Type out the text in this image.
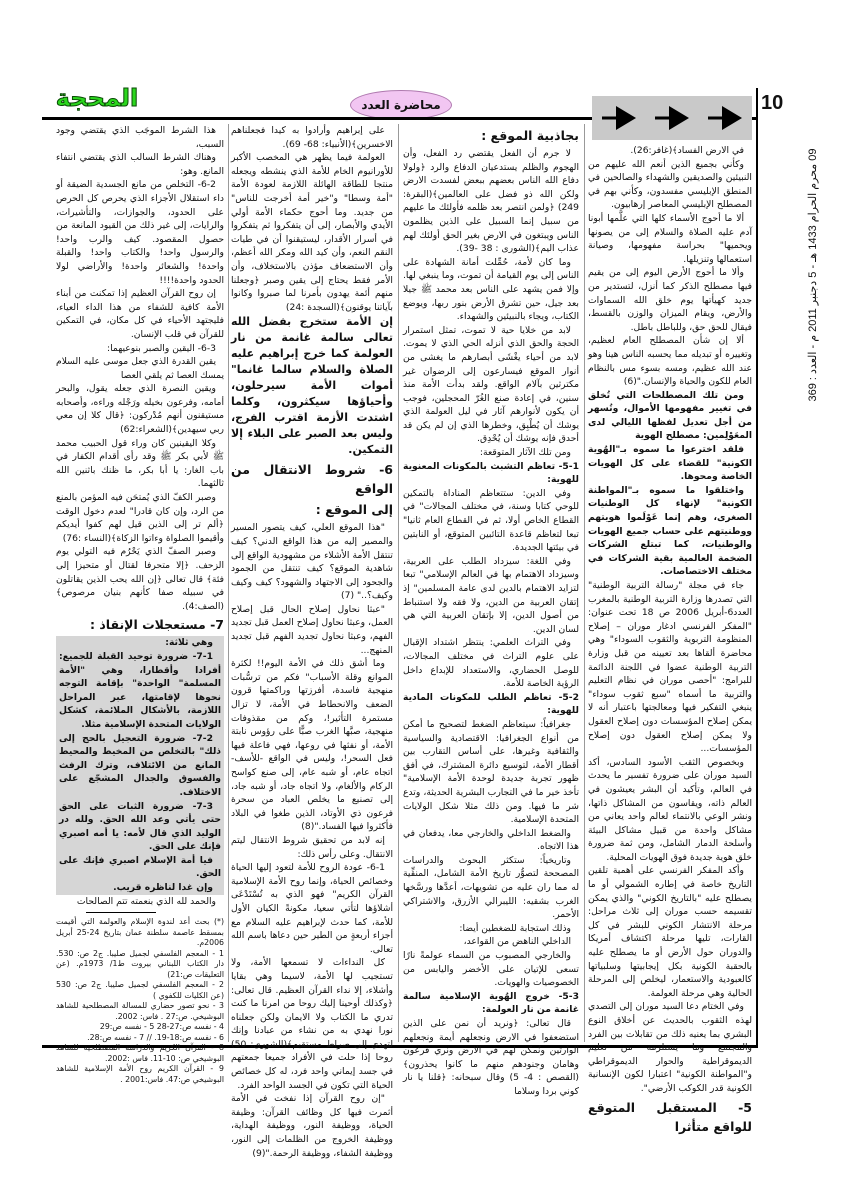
المحجة	محاضرة العدد	10
09 محرم الحرام 1433 هـ - 5 دجنبر 2011 م - العدد : 369

في الارض الفساد﴾(غافر:26).

وكأني بجميع الذين أنعم الله عليهم من النبيئين والصديقين والشهداء والصالحين في المنطق الإبليسي مفسدون، وكأني بهم في المصطلح الإبليسي المعاصر إرهابيون.

ألا ما أحوج الأسماء كلها التي علَّمها أبونا آدم عليه الصلاة والسلام إلى من يصونها ويحميها" بحراسة مفهومها، وصيانة استعمالها وتنزيلها.

وألا ما أحوج الأرض اليوم إلى من يقيم فيها مصطلح الذكر كما أنزل، لتستدير من جديد كهيأتها يوم خلق الله السماوات والأرض، ويقام الميزان والوزن بالقسط، فيقال للحق حق، وللباطل باطل.

ألا إن شأن المصطلح العام لعظيم، وتغييره أو تبديله مما يحسبه الناس هينا وهو عند الله عظيم، ومسه بسوء مس بالنظام العام للكون والحياة والإنسان."(6)

ومن تلك المصطلحات التي تُخلق في تغيير مفهومها الأموال، وتُسهر من أجل تعديل لفظها الليالي لدى المعَوْلِمين: مصطلح الهوية

فلقد اخترعوا ما سموه بـ"الهُوية الكونية" للقضاء على كل الهويات الخاصة ومحوها.

واختلقوا ما سموه بـ"المواطنة الكونية" لإنهاء كل الوطنيات الصغرى، وهم إنما عَوْلَموا هويتهم ووطنيتهم على حساب جميع الهويات والوطنيات، كما تبتلع الشركات الضخمة العالمية بقية الشركات في مختلف الاختصاصات.

جاء في مجلة "رسالة التربية الوطنية" التي تصدرها وزارة التربية الوطنية بالمغرب العدد6-أبريل 2006 ص 18 تحت عنوان: "المفكر الفرنسي ادغار موران – إصلاح المنظومة التربوية والثقوب السوداء" وهي محاضرة ألقاها بعد تعيينه من قبل وزارة التربية الوطنية عضوا في اللجنة الدائمة للبرامج: "أحصى موران في نظام التعليم والتربية ما أسماه "سبع ثقوب سوداء" ينبغي التفكير فيها ومعالجتها باعتبار أنه لا يمكن إصلاح المؤسسات دون إصلاح العقول ولا يمكن إصلاح العقول دون إصلاح المؤسسات...

وبخصوص الثقب الأسود السادس، أكد السيد موران على ضرورة تفسير ما يحدث في العالم، وتأكيد أن البشر يعيشون في العالم ذاته، ويقاسون من المشاكل ذاتها، ونشر الوعي بالانتماء لعالم واحد يعاني من مشاكل واحدة من قبيل مشاكل البيئة وأسلحة الدمار الشامل، ومن ثمة ضرورة خلق هوية جديدة فوق الهويات المحلية.

وأكد المفكر الفرنسي على أهمية تلقين التاريخ خاصة في إطاره الشمولي أو ما يصطلح عليه "بالتاريخ الكوني" والذي يمكن تقسيمه حسب موران إلى ثلاث مراحل: مرحلة الانتشار الكوني للبشر في كل القارات، تليها مرحلة اكتشاف أمريكا والدوران حول الأرض أو ما يصطلح عليه بالحقبة الكونية بكل إيجابيتها وسلبياتها كالعبودية والاستعمار، ليخلص إلى المرحلة الحالية وهي مرحلة العولمة.

وفي الختام دعا السيد موران إلى التصدي لهذه الثقوب بالحديث عن أخلاق النوع البشري بما يعنيه ذلك من تقابلات بين الفرد والمجتمع وما يستلزمه من تعليم الديموقراطية والحوار الديموقراطي و"المواطنة الكونية" اعتبارا لكون الإنسانية الكونية قدر الكوكب الأرضي".

5- المستقبل المتوقع للواقع متأثرا

بجاذبية الموقع :

لا جرم أن الفعل يقتضي رد الفعل، وأن الهجوم والظلم يستدعيان الدفاع والرد ﴿ولولا دفاع الله الناس بعضهم ببعض لفسدت الارض ولكن الله ذو فضل على العالمين﴾(البقرة: 249) ﴿ولمن انتصر بعد ظلمه فأولئك ما عليهم من سبيل إنما السبيل على الذين يظلمون الناس ويبتغون في الارض بغير الحق أولئك لهم عذاب اليم﴾(الشورى : 38 -39).

وما كان لأمة، حُمِّلت أمانة الشهادة على الناس إلى يوم القيامة أن تموت، وما ينبغي لها. وإلا فمن يشهد على الناس بعد محمد ﷺ جيلا بعد جيل، حين تشرق الأرض بنور ربها، ويوضع الكتاب، ويجاء بالنبيئين والشهداء.

لابد من خلايا حية لا تموت، تمثل استمرار الحجة والحق الذي أنزله الحي الذي لا يموت. لابد من أحياء يغْشَى أبصارهم ما يغشى من أنوار الموقع فيسارعون إلى الرضوان غير مكترثين بآلام الواقع. ولقد بدأت الأمة منذ سنين، في إعادة صنع الغُرّ المحجلين، فوجب أن يكون لأنوارهم آثار في ليل العولمة الذي يوشك أن يُطْبِق، وخطرها الذي إن لم يكن قد أحدق فإنه يوشك أن يُحْدِق.

ومن تلك الآثار المتوقعة:

5-1- تعاظم التشبث بالمكونات المعنوية للهوية:

وفي الدين: ستتعاظم المناداة بالتمكين للوحي كتابا وسنة، في مختلف المجالات" في القطاع الخاص أولا، ثم في القطاع العام ثانيا" تبعا لتعاظم قاعدة التائبين المتوقع، أو النابتين في بيئتها الجديدة.

وفي اللغة: سيزداد الطلب على العربية، وسيزداد الاهتمام بها في العالم الإسلامي" تبعا لتزايد الاهتمام بالدين لدى عامة المسلمين" إذ إتقان العربية من الدين، ولا فقه ولا استنباط من أصول الدين، إلا بإتقان العربية التي هي لسان الدين.

وفي التراث العلمي: ينتظر اشتداد الإقبال على علوم التراث في مختلف المجالات، للوصل الحضاري، والاستعداد للإبداع داخل الرؤية الخاصة للأمة.

5-2- تعاظم الطلب للمكونات المادية للهوية:

جغرافياً: سيتعاظم الضغط لتصحيح ما أمكن من أنواع الجغرافيا: الاقتصادية والسياسية والثقافية وغيرها، على أساس التقارب بين أقطار الأمة، لتوسيع دائرة المشترك، في أفق ظهور تجربة جديدة لوحدة الأمة الإسلامية" تأخذ خير ما في التجارب البشرية الحديثة، وتدع شر ما فيها. ومن ذلك مثلا شكل الولايات المتحدة الإسلامية.

والضغط الداخلي والخارجي معا، يدفعان في هذا الاتجاه.

وتاريخياً: ستكثر البحوث والدراسات المصححة لتصوُّر تاريخ الأمة الشامل، المنقِّية له مما ران عليه من تشويهات، أعدَّها ورسَّخها الغرب بشقيه: الليبرالي الأزرق، والاشتراكي الأحمر.

وذلك استجابة للضغطين أيضا:

الداخلي الناهض من القواعد،

والخارجي المصبوب من السماء عولمةً نارًا تسعى للإتيان على الأخضر واليابس من الخصوصيات والهويات.

5-3- خروج الهُوية الإسلامية سالمة غانمة من نار العولمة:

قال تعالى: ﴿ونريد أن نمن على الذين استضعفوا في الارض ونجعلهم أيمة ونجعلهم الوارثين ونُمكن لهم في الارض ونري فرعون وهامان وجنودهم منهم ما كانوا يحذرون﴾(القصص : 4- 5) وقال سبحانه: ﴿قلنا يا نار كوني بردا وسلاما

على إبراهيم وأرادوا به كيدا فجعلناهم الاخسرين﴾(الأنبياء: 68- 69).

العولمة فيما يظهر هي المخصب الأكبر للأورانيوم الخام للأمة الذي ينشطه ويجعله منتجا للطاقة الهائلة اللازمة لعودة الأمة "أمة وسطا" و"خير أمة أخرجت للناس" من جديد. وما أحوج حكماء الأمة أولي الأيدي والأبصار، إلى أن يتفكروا ثم يتفكروا في أسرار الأقدار، ليستيقنوا أن في طيات النقم النعم، وأن كيد الله ومكر الله أعظم، وأن الاستضعاف مؤذن بالاستخلاف، وأن الأمر فقط يحتاج إلى يقين وصبر ﴿وجعلنا منهم أئمة يهدون بأمرنا لما صبروا وكانوا بآياتنا يوقنون﴾(السجدة :24)

إن الأمة ستخرج بفضل الله تعالى سالمة غانمة من نار العولمة كما خرج إبراهيم عليه الصلاة والسلام سالما غانما" أموات الأمة سيرحلون، وأحياؤها سيكثرون، وكلما اشتدت الأزمة اقترب الفرج، وليس بعد الصبر على البلاء إلا التمكين.

6- شروط الانتقال من الواقع

إلى الموقع :

"هذا الموقع العلي، كيف يتصور المسير والمصير إليه من هذا الواقع الدني؟ كيف تنتقل الأمة الأشلاء من مشهودية الواقع إلى شاهدية الموقع؟ كيف تنتقل من الجمود والجحود إلى الاجتهاد والشهود؟ كيف وكيف وكيف؟.." (7)

"عبثا نحاول إصلاح الحال قبل إصلاح العمل، وعبثا نحاول إصلاح العمل قبل تجديد الفهم، وعبثا نحاول تجديد الفهم قبل تجديد المنهج...

وما أشق ذلك في الأمة اليوم!! لكثرة الموانع وقلة الأسباب" فكم من ترسُّبات منهجية فاسدة، أفرزتها وراكمتها قرون الضعف والانحطاط في الأمة، لا تزال مستمرة التأثير!، وكم من مقذوفات منهجية، صبَّها الغرب صبًّا على رؤوس نابتة الأمة، أو نفثها في روعها، فهي فاعلة فيها فعل السحر!، وليس في الواقع -للأسف- اتجاه عام، أو شبه عام، إلى صنع كواسح الركام والألغام، ولا اتجاه جاد، أو شبه جاد، إلى تصنيع ما يخلص العباد من سحرة فرعون ذي الأوتاد، الذين طغوا في البلاد فأكثروا فيها الفساد."(8)

إنه لابد من تحقيق شروط الانتقال ليتم الانتقال. وعلى رأس ذلك:

6-1- عودة الروح للأمة لتعود إليها الحياة وخصائص الحياة، وإنما روح الأمة الإسلامية القرآن الكريم" فهو الذي به تُسْتَدْعَى أشلاؤها لتأتي سعيا، مكونةً الكيان الأول للأمة، كما حدث لإبراهيم عليه السلام مع أجزاء أربعةٍ من الطير حين دعاها باسم الله تعالى.

كل النداءات لا تسمعها الأمة، ولا تستجيب لها الأمة، لاسيما وهي بقايا وأشلاء، إلا نداء القرآن العظيم. قال تعالى: ﴿وكذلك أوحينا إليك روحا من امرنا ما كنت تدري ما الكتاب ولا الايمان ولكن جعلناه نورا نهدي به من نشاء من عبادنا وإنك لتهدي إلى صراط مستقيم﴾(الشورى: 50) روحا إذا حلت في الأفراد جميعا جمعتهم في جسد إيماني واحد فرد، له كل خصائص الحياة التي تكون في الجسد الواحد الفرد.

"إن روح القرآن إذا نفخت في الأمة أثمرت فيها كل وظائف القرآن: وظيفة الحياة، ووظيفة النور، ووظيفة الهداية، ووظيفة الخروج من الظلمات إلى النور، ووظيفة الشفاء، ووظيفة الرحمة."(9)

هذا الشرط الموجَب الذي يقتضي وجود السبب،

وهناك الشرط السالب الذي يقتضي انتفاء المانع. وهو:

6-2- التخلص من مانع الجسدية الضيقة أو داء استقلال الأجزاء الذي يحرص كل الحرص على الحدود، والجوازات، والتأشيرات، والرايات، إلى غير ذلك من القيود المانعة من حصول المقصود. كيف والرب واحد! والرسول واحد! والكتاب واحد! والقبلة واحدة! والشعائر واحدة! والأراضي لولا الحدود واحدة!!!!

إن روح القرآن العظيم إذا تمكنت من أبناء الأمة كافية للشفاء من هذا الداء العياء، فليجتهد الأحياء في كل مكان، في التمكين للقرآن في قلب الإنسان.

6-3- اليقين والصبر بنوعيهما:

يقين القدرة الذي جعل موسى عليه السلام يمسك العصا ثم يلقي العصا

ويقين النصرة الذي جعله يقول، والبحر أمامه، وفرعون بخيله ورَجْله وراءه، وأصحابه مستيقنون أنهم مُدْركون: ﴿قال كلا إن معي ربي سيهدين﴾(الشعراء:62)

وكلا اليقينين كان وراء قول الحبيب محمد ﷺ لأبي بكر ﷺ وقد رأى أقدام الكفار في باب الغار: يا أبا بكر، ما ظنك باثنين الله ثالثهما.

وصبر الكفّ الذي يُمتحَن فيه المؤمن بالمنع من الرد، وإن كان قادرا" لعدم دخول الوقت ﴿ألم تر إلى الذين قيل لهم كفوا أيديكم وأقيموا الصلواة وءاتوا الزكاة﴾(النساء :76)

وصبر الصفّ الذي يَحْرُم فيه التولي يوم الزحف. ﴿إلا متحرفا لقتال أو متحيزا إلى فئة﴾ قال تعالى ﴿إن الله يحب الذين يقاتلون في سبيله صفا كأنهم بنيان مرصوص﴾(الصف:4).

7- مستعجلات الإنقاذ :

وهي ثلاثة:

7-1- ضرورة توحيد القبلة للجميع: أفرادا وأقطارا، وهي "الأمة المسلمة" الواحدة" بإقامة التوجه نحوها لإقامتها، عبر المراحل اللازمة، بالأشكال الملائمة، كشكل الولايات المتحدة الإسلامية مثلا.

7-2- ضرورة التعجيل بالحج إلى ذلك" بالتخلص من المخيط والمحيط المانع من الائتلاف، وترك الرفث والفسوق والجدال المشجّع على الاختلاف.

7-3- ضرورة الثبات على الحق حتى يأتي وعد الله الحق. ولله در الوليد الذي قال لأمه: يا أمه اصبري فإنك على الحق.

فيا أمة الإسلام اصبري فإنك على الحق.

وإن غدا لناظره قريب.

والحمد لله الذي بنعمته تتم الصالحات

(*) بحث أعد لندوة الإسلام والعولمة التي أقيمت بمسقط عاصمة سلطنة عمان بتاريخ 24-25 أبريل 2006م.

1 - المعجم الفلسفي لجميل صليبا. ج2 ص: 530. دار الكتاب اللبناني بيروت ط1/ 1973م. (عن التعليقات ص:21)

2 - المعجم الفلسفي لجميل صليبا. ج2 ص: 530 (عن الكليات للكفوي )

3 - نحو تصور حضاري للمسالة المصطلحية للشاهد البوشيخي. ص:27 . فاس: 2002.

4 - نفسه ص:27-28 5 - نفسه ص:29

6 - نفسه ص:18-19. // 7 - نفسه ص:28.

8 - القرآن الكريم والدراسة المصطلحية للشاهد البوشيخي ص: 10-11. فاس :2002.

9 - القرآن الكريم روح الأمة الإسلامية للشاهد البوشيخي ص:47. فاس:2001 .
